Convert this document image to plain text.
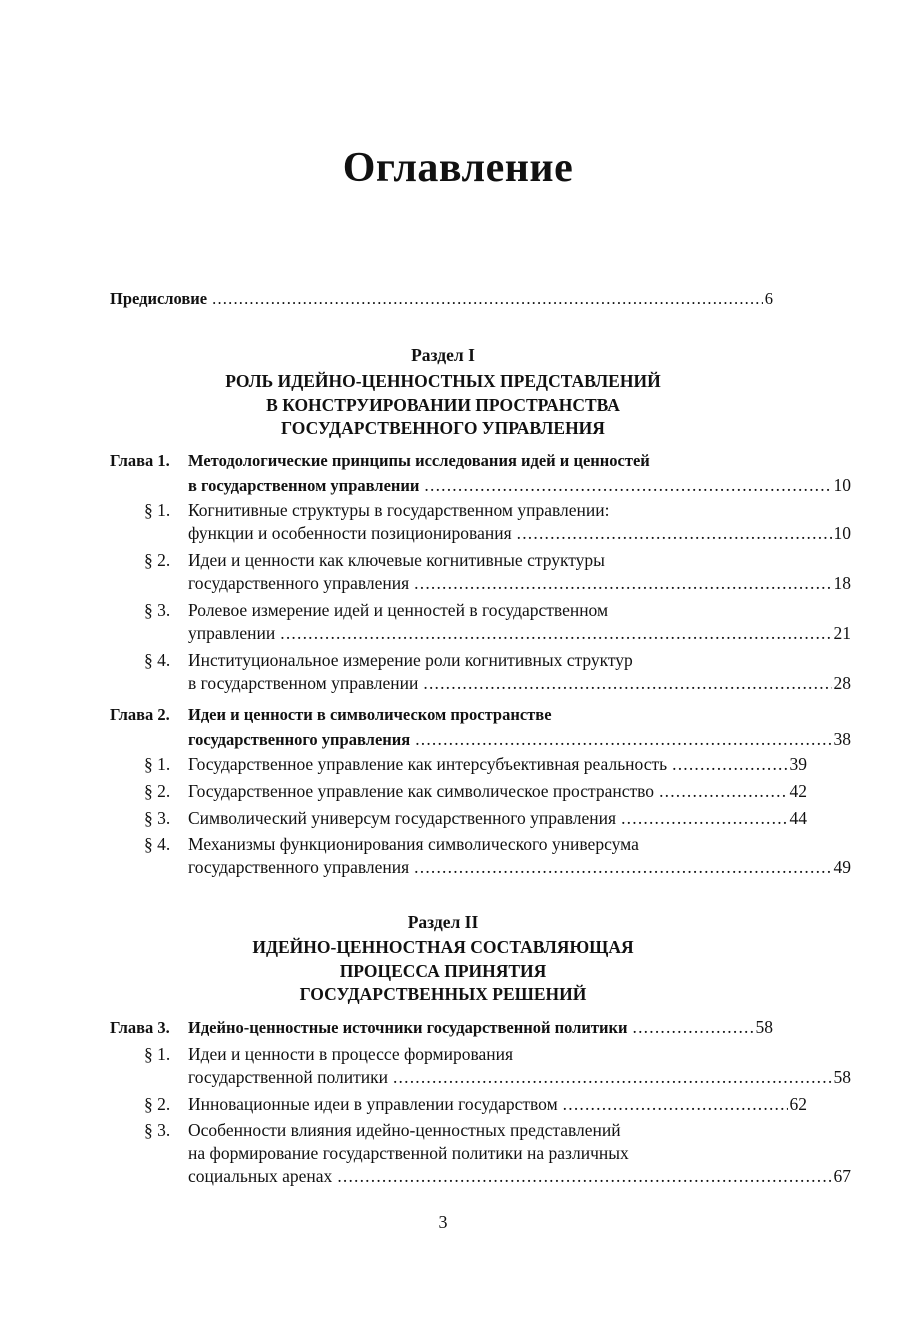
Оглавление
Предисловие .....	6
Раздел I
РОЛЬ ИДЕЙНО-ЦЕННОСТНЫХ ПРЕДСТАВЛЕНИЙ
В КОНСТРУИРОВАНИИ ПРОСТРАНСТВА
ГОСУДАРСТВЕННОГО УПРАВЛЕНИЯ
Глава 1.	Методологические принципы исследования идей и ценностей
в государственном управлении .....	10
§ 1.	Когнитивные структуры в государственном управлении:
функции и особенности позиционирования .....	10
§ 2.	Идеи и ценности как ключевые когнитивные структуры
государственного управления .....	18
§ 3.	Ролевое измерение идей и ценностей в государственном
управлении .....	21
§ 4.	Институциональное измерение роли когнитивных структур
в государственном управлении .....	28
Глава 2.	Идеи и ценности в символическом пространстве
государственного управления .....	38
§ 1.	Государственное управление как интерсубъективная реальность .....	39
§ 2.	Государственное управление как символическое пространство .....	42
§ 3.	Символический универсум государственного управления .....	44
§ 4.	Механизмы функционирования символического универсума
государственного управления .....	49
Раздел II
ИДЕЙНО-ЦЕННОСТНАЯ СОСТАВЛЯЮЩАЯ
ПРОЦЕССА ПРИНЯТИЯ
ГОСУДАРСТВЕННЫХ РЕШЕНИЙ
Глава 3.	Идейно-ценностные источники государственной политики .....	58
§ 1.	Идеи и ценности в процессе формирования
государственной политики .....	58
§ 2.	Инновационные идеи в управлении государством .....	62
§ 3.	Особенности влияния идейно-ценностных представлений
на формирование государственной политики на различных
социальных аренах .....	67
3
